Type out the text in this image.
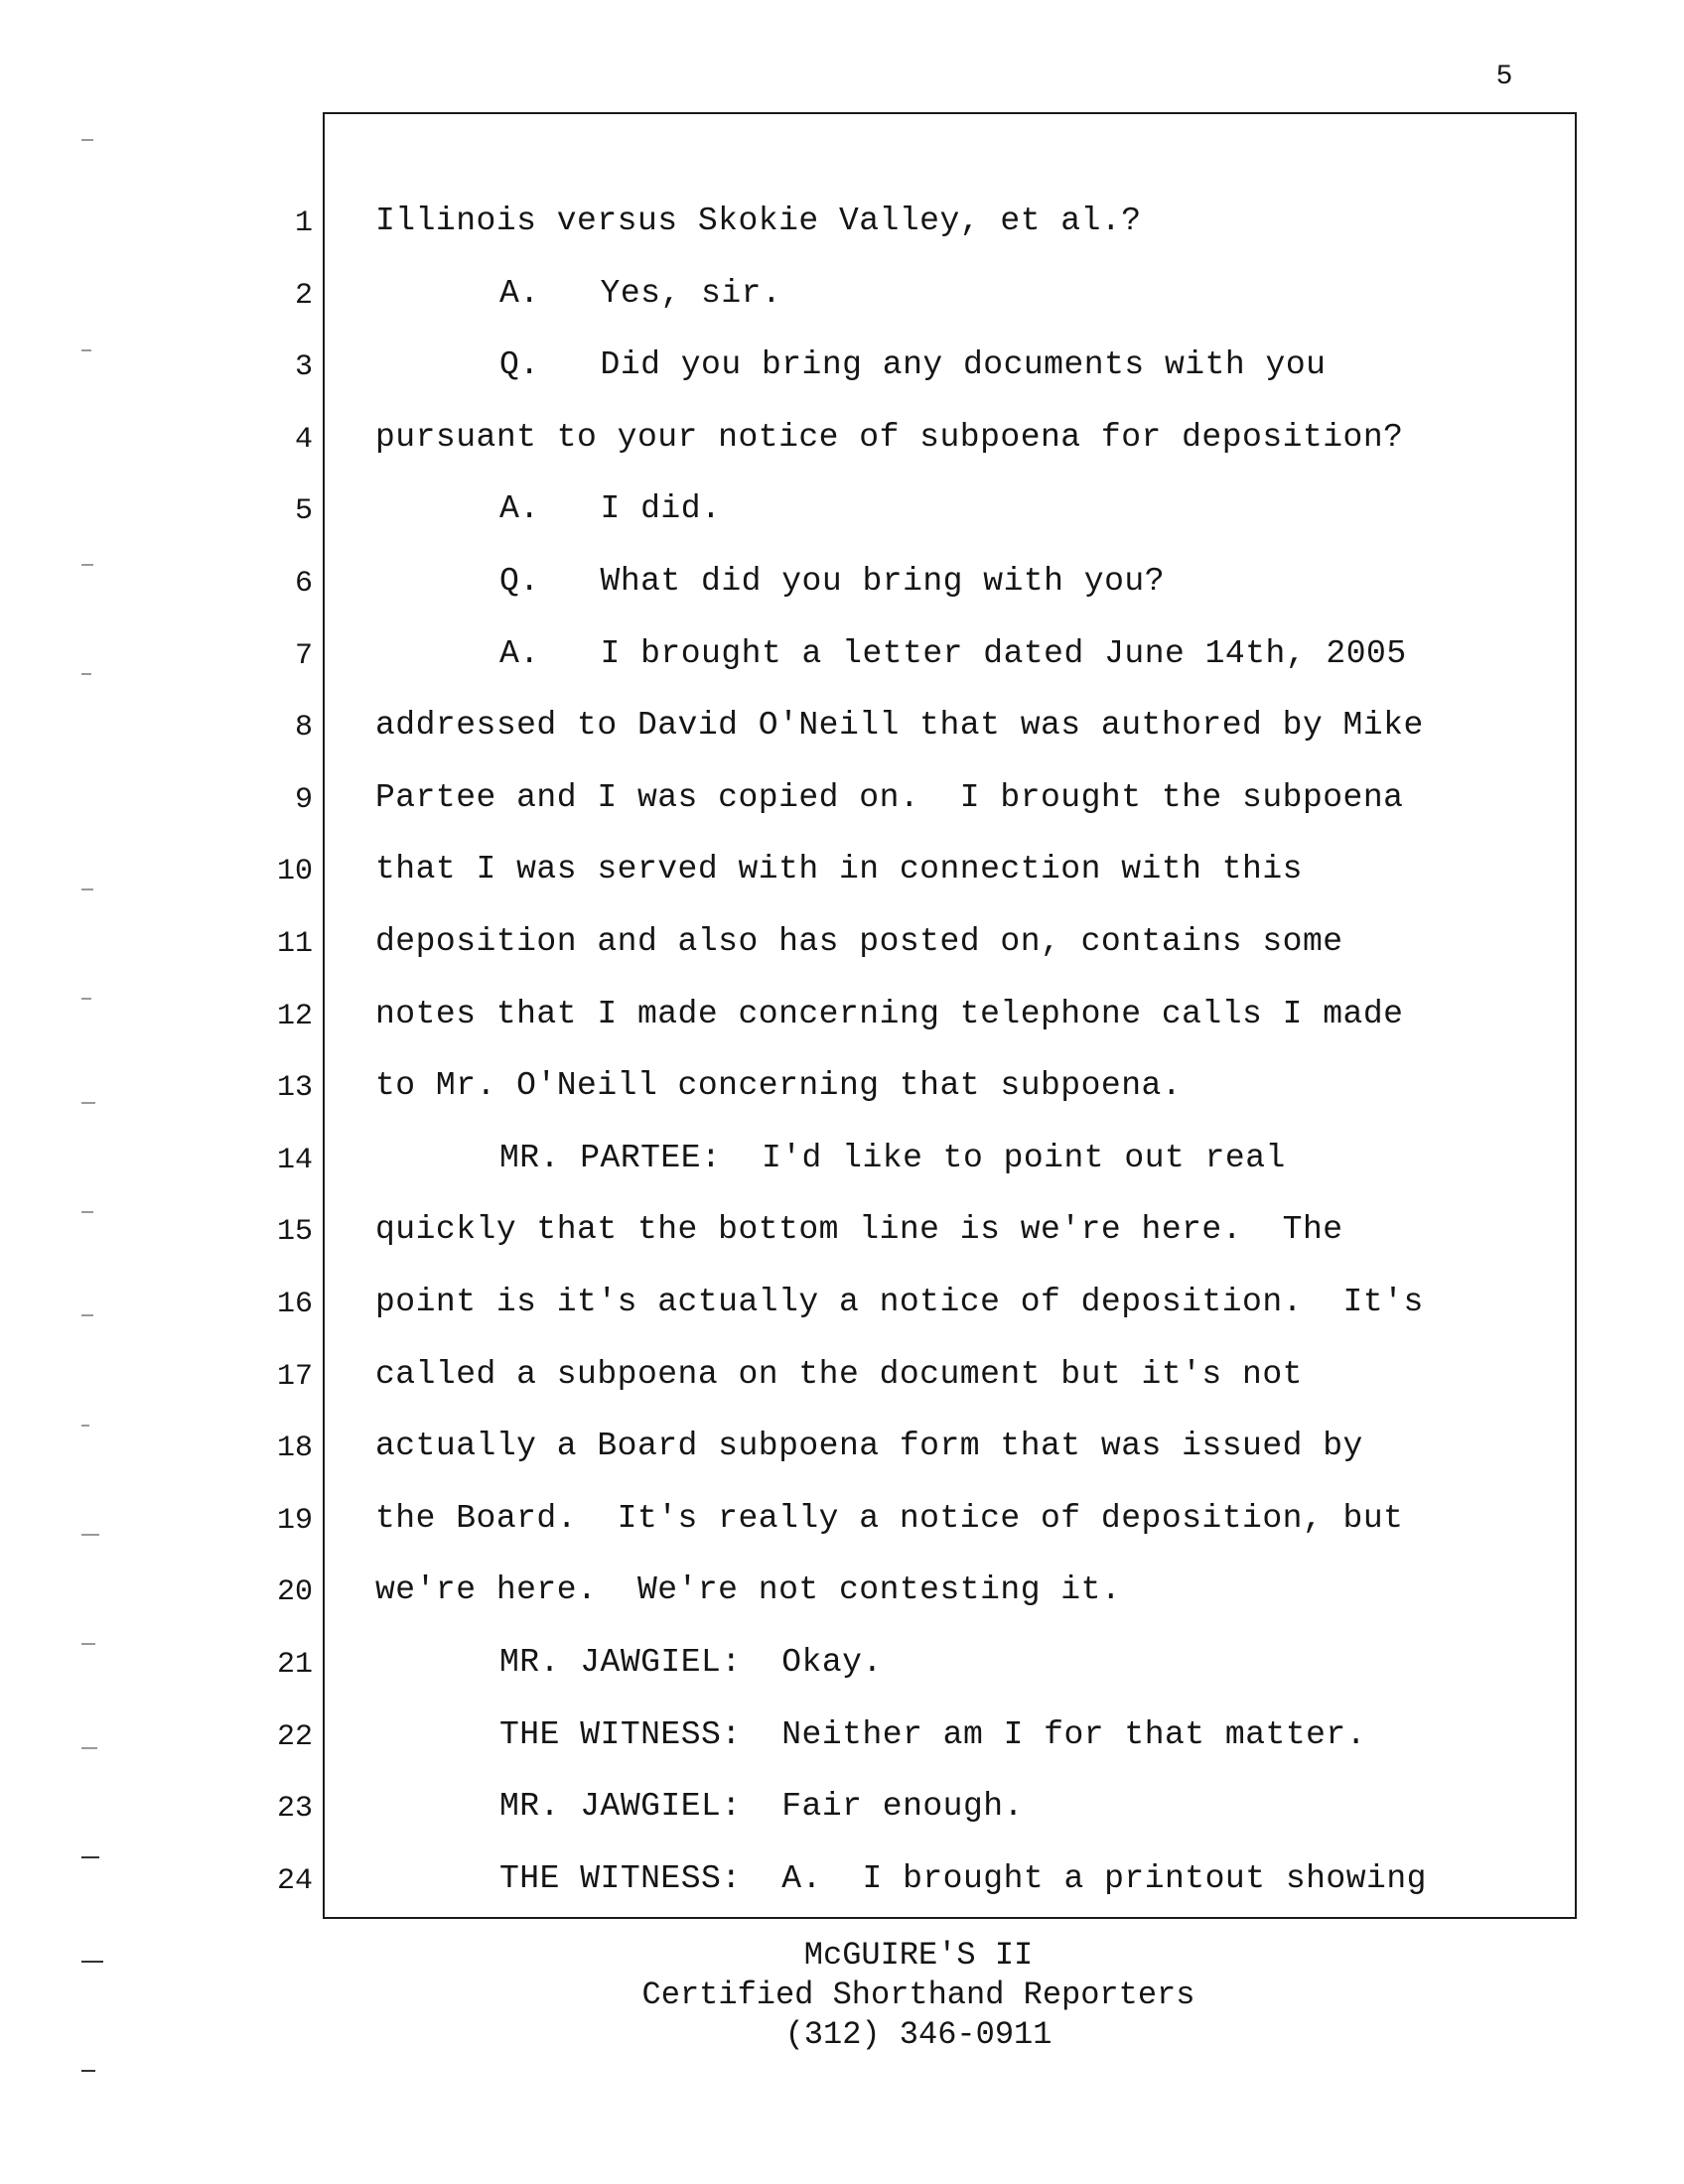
5
1
2
3
4
5
6
7
8
9
10
11
12
13
14
15
16
17
18
19
20
21
22
23
24
Illinois versus Skokie Valley, et al.?
A.   Yes, sir.
Q.   Did you bring any documents with you
pursuant to your notice of subpoena for deposition?
A.   I did.
Q.   What did you bring with you?
A.   I brought a letter dated June 14th, 2005
addressed to David O'Neill that was authored by Mike
Partee and I was copied on.  I brought the subpoena
that I was served with in connection with this
deposition and also has posted on, contains some
notes that I made concerning telephone calls I made
to Mr. O'Neill concerning that subpoena.
MR. PARTEE:  I'd like to point out real
quickly that the bottom line is we're here.  The
point is it's actually a notice of deposition.  It's
called a subpoena on the document but it's not
actually a Board subpoena form that was issued by
the Board.  It's really a notice of deposition, but
we're here.  We're not contesting it.
MR. JAWGIEL:  Okay.
THE WITNESS:  Neither am I for that matter.
MR. JAWGIEL:  Fair enough.
THE WITNESS:  A.  I brought a printout showing
McGUIRE'S II
Certified Shorthand Reporters
(312) 346-0911
